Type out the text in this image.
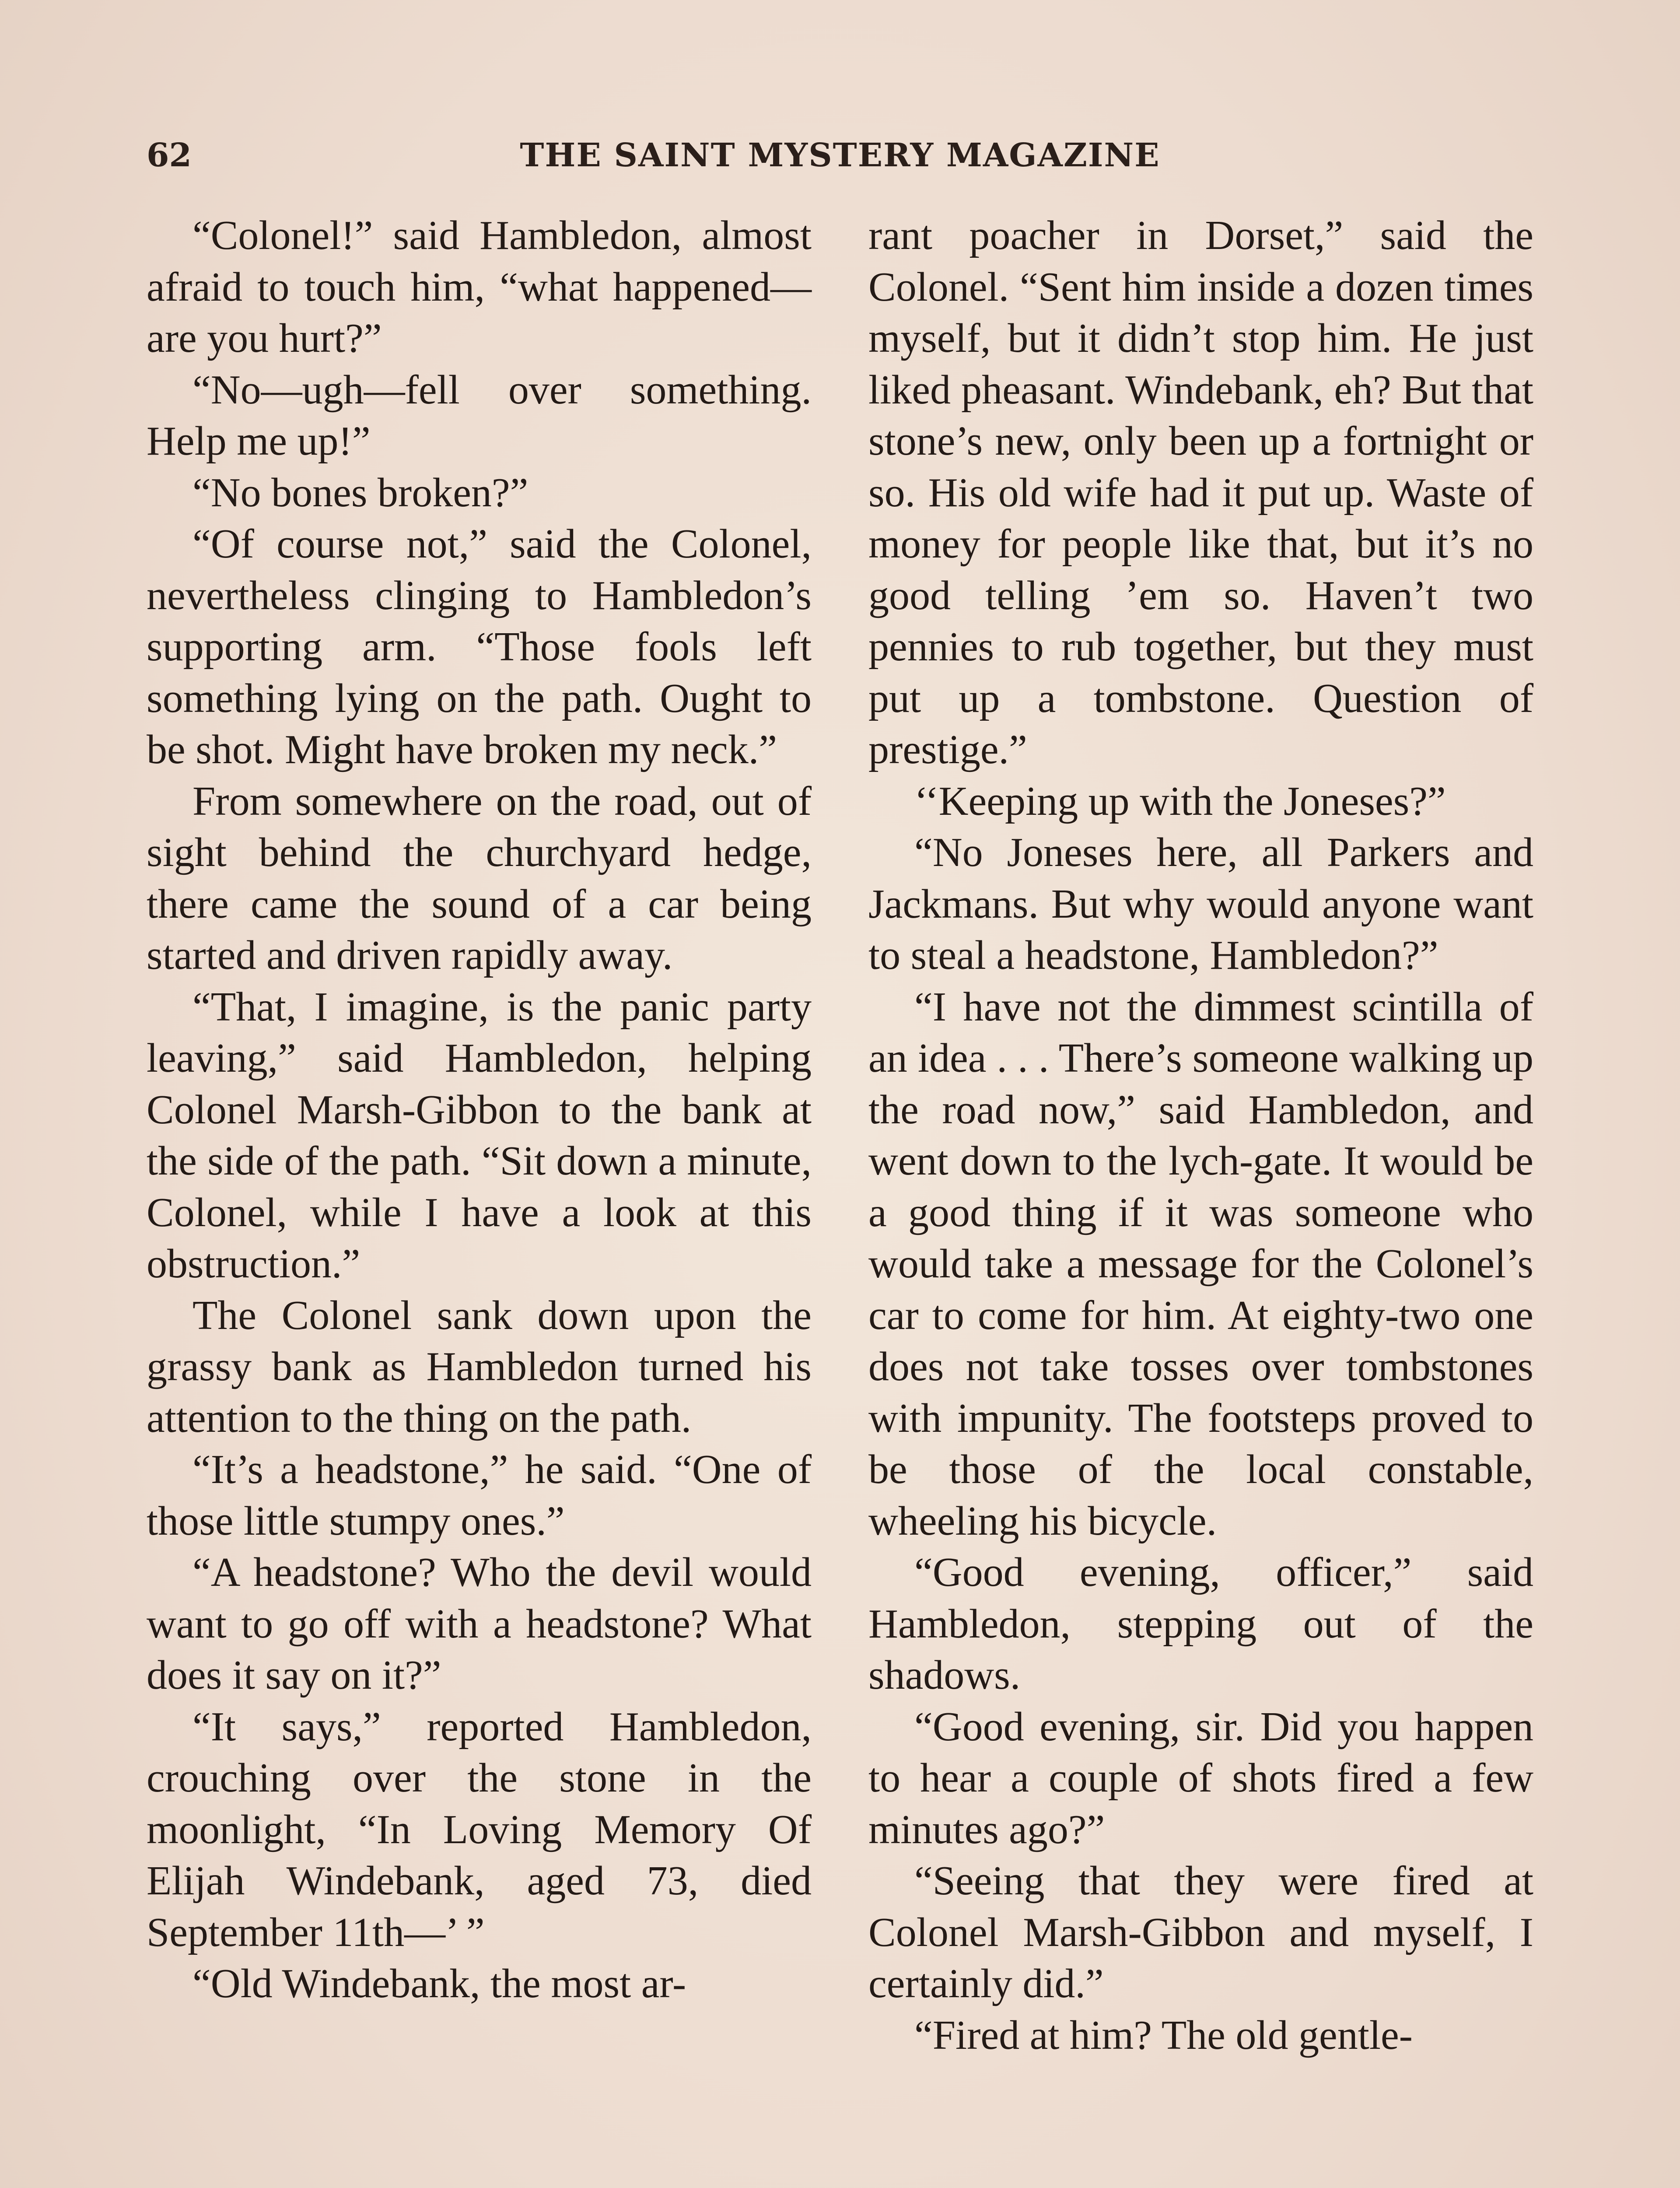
62	THE SAINT MYSTERY MAGAZINE

“Colonel!” said Hambledon, almost afraid to touch him, “what happened—are you hurt?”

“No—ugh—fell over something. Help me up!”

“No bones broken?”

“Of course not,” said the Colonel, nevertheless clinging to Hambledon’s supporting arm. “Those fools left something lying on the path. Ought to be shot. Might have broken my neck.”

From somewhere on the road, out of sight behind the churchyard hedge, there came the sound of a car being started and driven rapidly away.

“That, I imagine, is the panic party leaving,” said Hambledon, helping Colonel Marsh-Gibbon to the bank at the side of the path. “Sit down a minute, Colonel, while I have a look at this obstruction.”

The Colonel sank down upon the grassy bank as Hambledon turned his attention to the thing on the path.

“It’s a headstone,” he said. “One of those little stumpy ones.”

“A headstone? Who the devil would want to go off with a headstone? What does it say on it?”

“It says,” reported Hambledon, crouching over the stone in the moonlight, “In Loving Memory Of Elijah Windebank, aged 73, died September 11th—’ ”

“Old Windebank, the most ar-

rant poacher in Dorset,” said the Colonel. “Sent him inside a dozen times myself, but it didn’t stop him. He just liked pheasant. Windebank, eh? But that stone’s new, only been up a fortnight or so. His old wife had it put up. Waste of money for people like that, but it’s no good telling ’em so. Haven’t two pennies to rub together, but they must put up a tombstone. Question of prestige.”

‘‘Keeping up with the Joneses?”

“No Joneses here, all Parkers and Jackmans. But why would anyone want to steal a headstone, Hambledon?”

“I have not the dimmest scintilla of an idea . . . There’s someone walking up the road now,” said Hambledon, and went down to the lych-gate. It would be a good thing if it was someone who would take a message for the Colonel’s car to come for him. At eighty-two one does not take tosses over tombstones with impunity. The footsteps proved to be those of the local constable, wheeling his bicycle.

“Good evening, officer,” said Hambledon, stepping out of the shadows.

“Good evening, sir. Did you happen to hear a couple of shots fired a few minutes ago?”

“Seeing that they were fired at Colonel Marsh-Gibbon and myself, I certainly did.”

“Fired at him? The old gentle-
